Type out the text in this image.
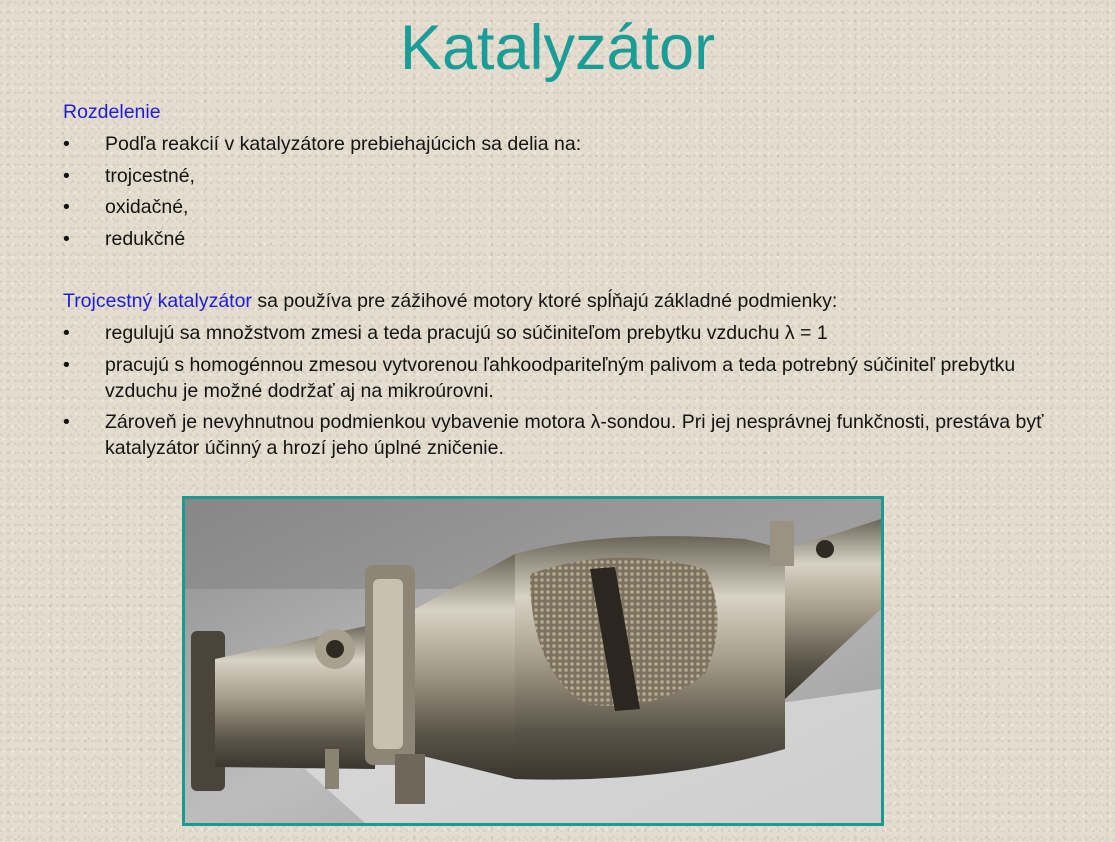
Katalyzátor
Rozdelenie
• Podľa reakcií v katalyzátore prebiehajúcich sa delia na:
• trojcestné,
• oxidačné,
• redukčné
Trojcestný katalyzátor sa používa pre zážihové motory ktoré spĺňajú základné podmienky:
• regulujú sa množstvom zmesi a teda pracujú so súčiniteľom prebytku vzduchu λ = 1
• pracujú s homogénnou zmesou vytvorenou ľahkoodpariteľným palivom a teda potrebný súčiniteľ prebytku vzduchu je možné dodržať aj na mikroúrovni.
• Zároveň je nevyhnutnou podmienkou vybavenie motora λ-sondou. Pri jej nesprávnej funkčnosti, prestáva byť katalyzátor účinný a hrozí jeho úplné zničenie.
